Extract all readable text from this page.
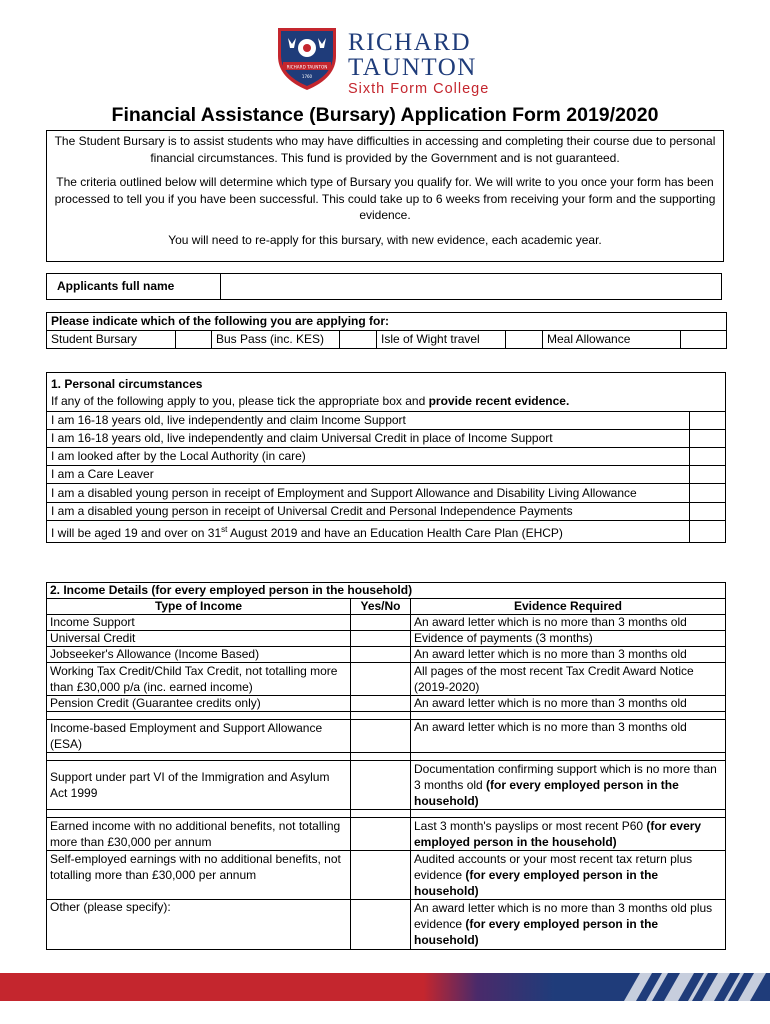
RICHARD TAUNTON
1760
RICHARD
TAUNTON
Sixth Form College
Financial Assistance (Bursary) Application Form 2019/2020

The Student Bursary is to assist students who may have difficulties in accessing and completing their course due to personal financial circumstances. This fund is provided by the Government and is not guaranteed.

The criteria outlined below will determine which type of Bursary you qualify for. We will write to you once your form has been processed to tell you if you have been successful. This could take up to 6 weeks from receiving your form and the supporting evidence.

You will need to re-apply for this bursary, with new evidence, each academic year.

Applicants full name	
Please indicate which of the following you are applying for:
Student Bursary		Bus Pass (inc. KES)		Isle of Wight travel		Meal Allowance	
1. Personal circumstances
If any of the following apply to you, please tick the appropriate box and provide recent evidence.	
I am 16-18 years old, live independently and claim Income Support	
I am 16-18 years old, live independently and claim Universal Credit in place of Income Support	
I am looked after by the Local Authority (in care)	
I am a Care Leaver	
I am a disabled young person in receipt of Employment and Support Allowance and Disability Living Allowance	
I am a disabled young person in receipt of Universal Credit and Personal Independence Payments	
I will be aged 19 and over on 31st August 2019 and have an Education Health Care Plan (EHCP)	
2. Income Details (for every employed person in the household)		
Type of Income	Yes/No	Evidence Required
Income Support		An award letter which is no more than 3 months old
Universal Credit		Evidence of payments (3 months)
Jobseeker's Allowance (Income Based)		An award letter which is no more than 3 months old
Working Tax Credit/Child Tax Credit, not totalling more than £30,000 p/a (inc. earned income)		All pages of the most recent Tax Credit Award Notice (2019-2020)
Pension Credit (Guarantee credits only)		An award letter which is no more than 3 months old

Income-based Employment and Support Allowance (ESA)		An award letter which is no more than 3 months old

Support under part VI of the Immigration and Asylum Act 1999		Documentation confirming support which is no more than 3 months old (for every employed person in the household)

Earned income with no additional benefits, not totalling more than £30,000 per annum		Last 3 month's payslips or most recent P60 (for every employed person in the household)
Self-employed earnings with no additional benefits, not totalling more than £30,000 per annum		Audited accounts or your most recent tax return plus evidence (for every employed person in the household)
Other (please specify):		An award letter which is no more than 3 months old plus evidence (for every employed person in the household)
